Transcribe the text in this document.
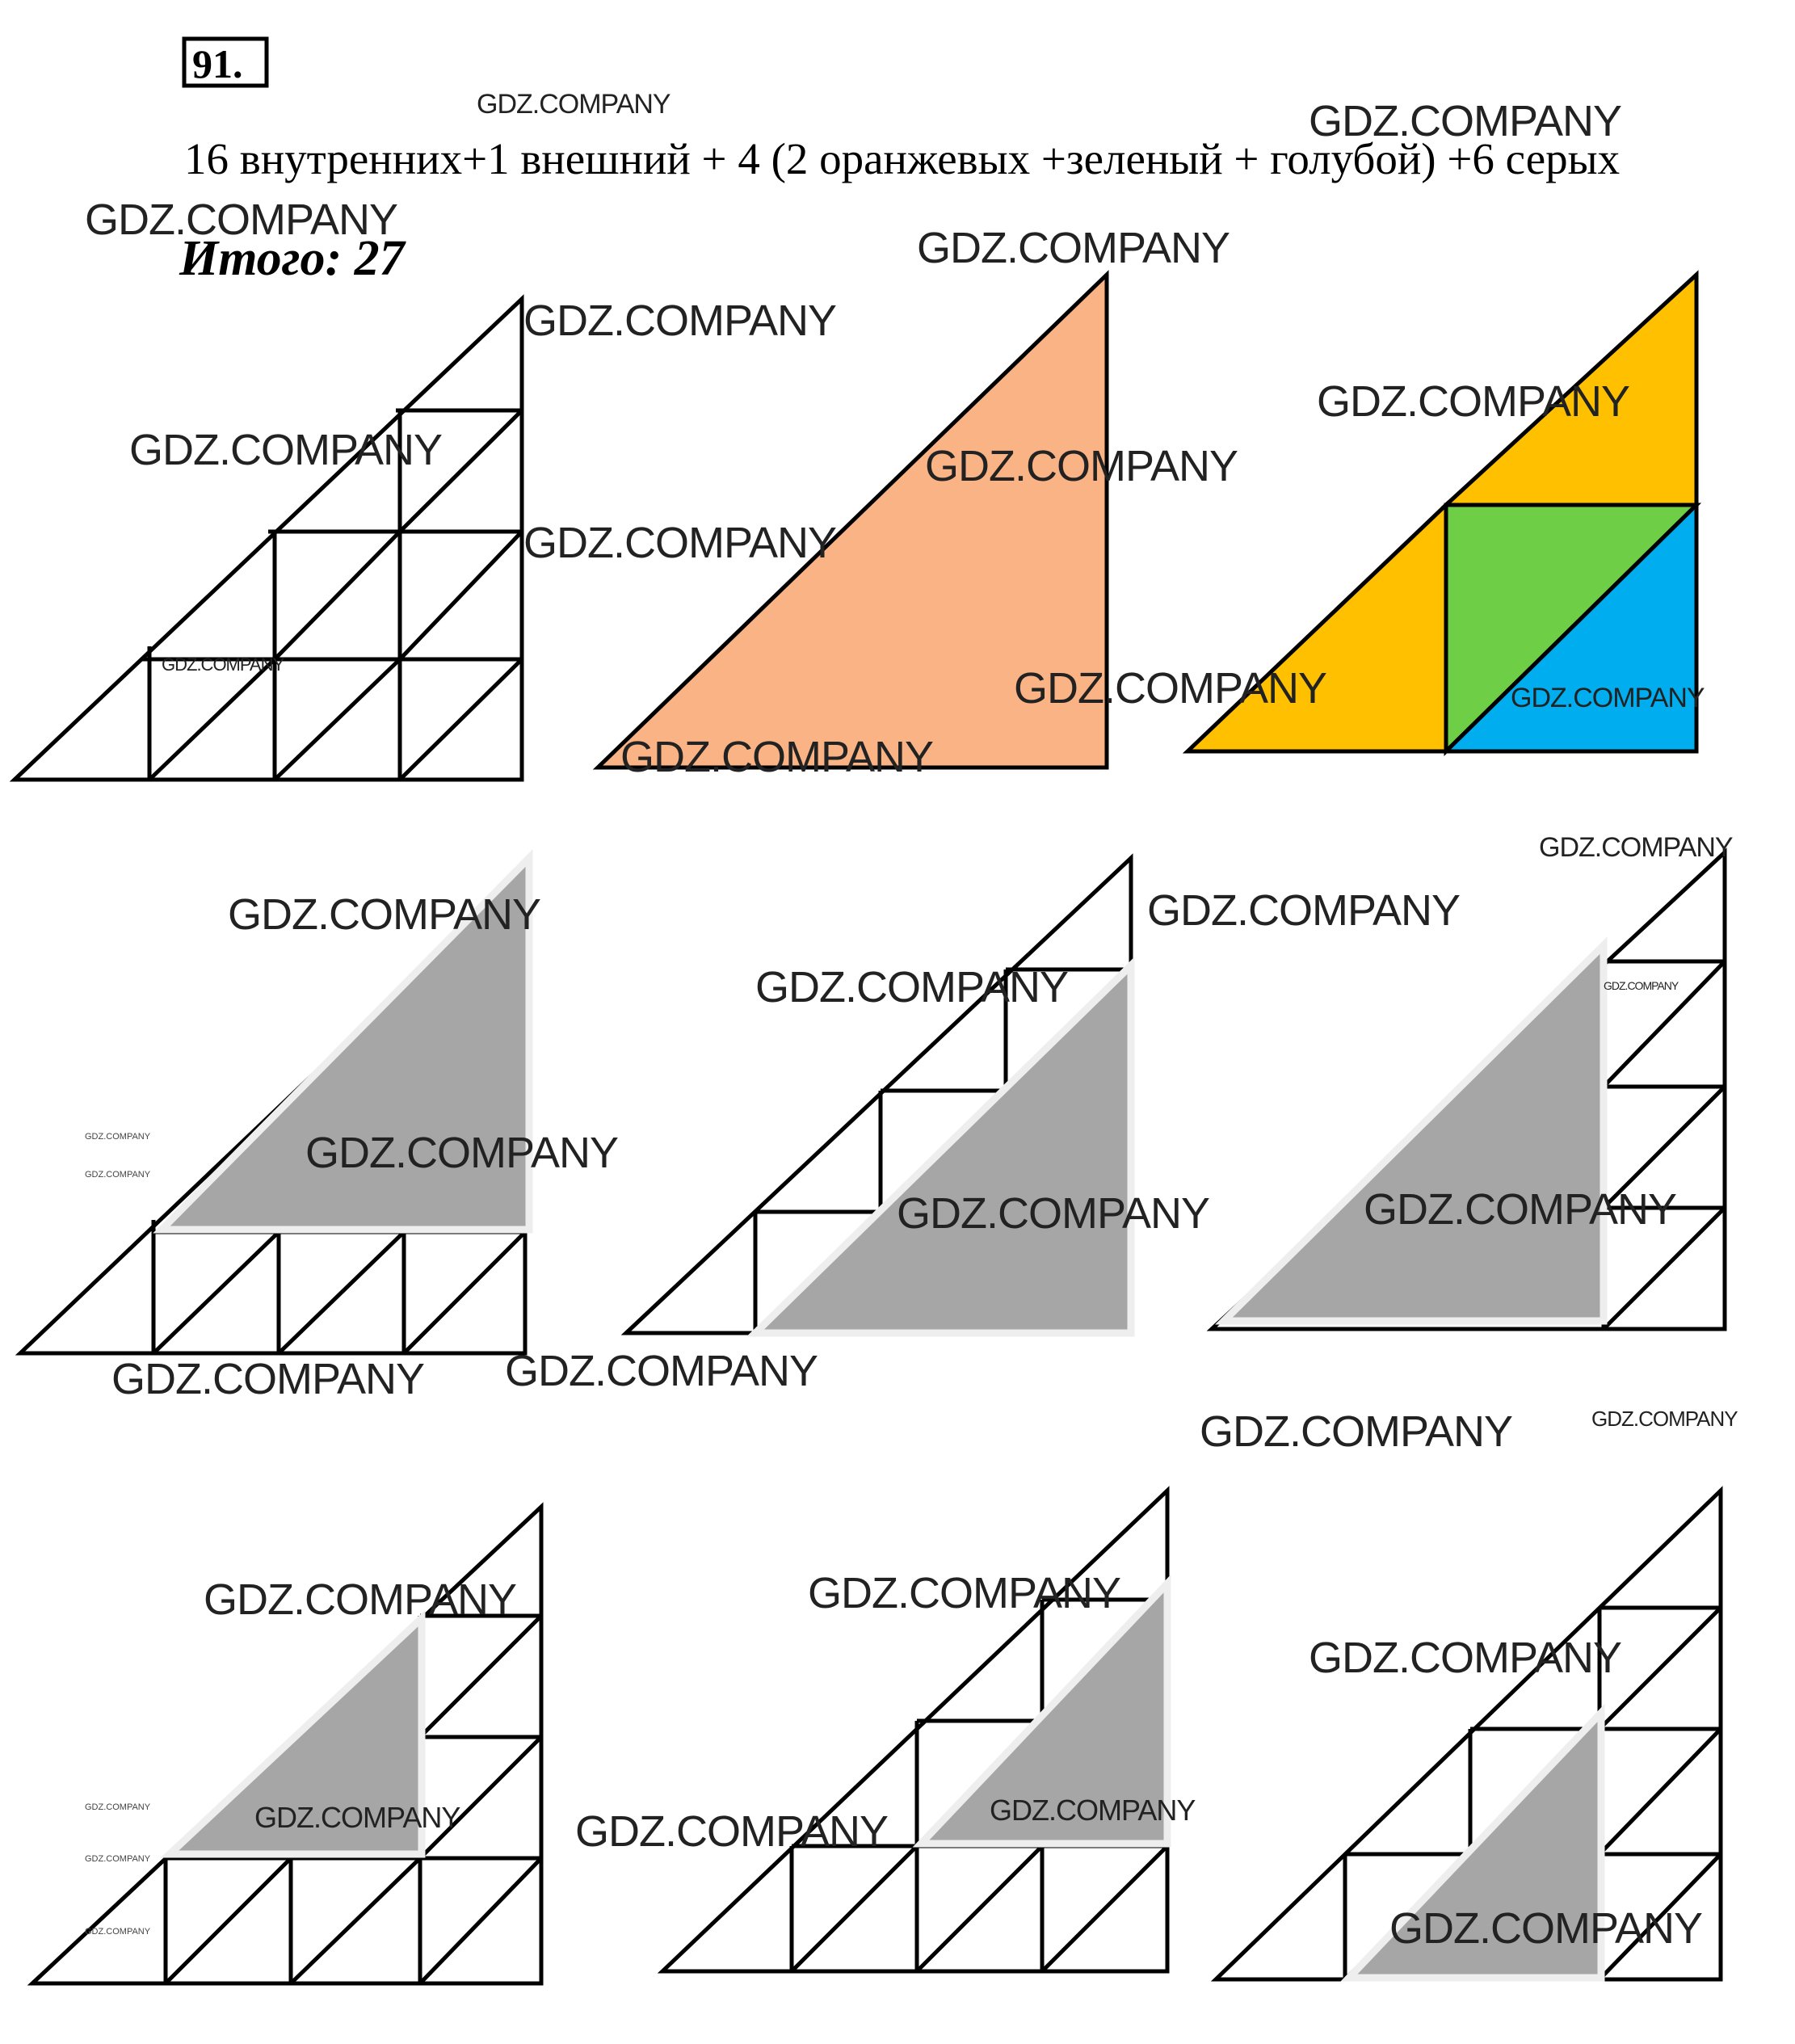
91.
16 внутренних+1 внешний + 4 (2 оранжевых +зеленый + голубой) +6 серых
Итого: 27
GDZ.COMPANY	GDZ.COMPANY
GDZ.COMPANY
GDZ.COMPANY
GDZ.COMPANY
GDZ.COMPANY
GDZ.COMPANY	GDZ.COMPANY
GDZ.COMPANY
GDZ.COMPANY	GDZ.COMPANY	GDZ.COMPANY
GDZ.COMPANY
GDZ.COMPANY
GDZ.COMPANY	GDZ.COMPANY
GDZ.COMPANY
GDZ.COMPANY
GDZ.COMPANY
GDZ.COMPANY	GDZ.COMPANY
GDZ.COMPANY	GDZ.COMPANY
GDZ.COMPANY
GDZ.COMPANY
GDZ.COMPANY	GDZ.COMPANY
GDZ.COMPANY
GDZ.COMPANY
GDZ.COMPANY
GDZ.COMPANY
GDZ.COMPANY
GDZ.COMPANY
GDZ.COMPANY
GDZ.COMPANY	GDZ.COMPANY
GDZ.COMPANY
